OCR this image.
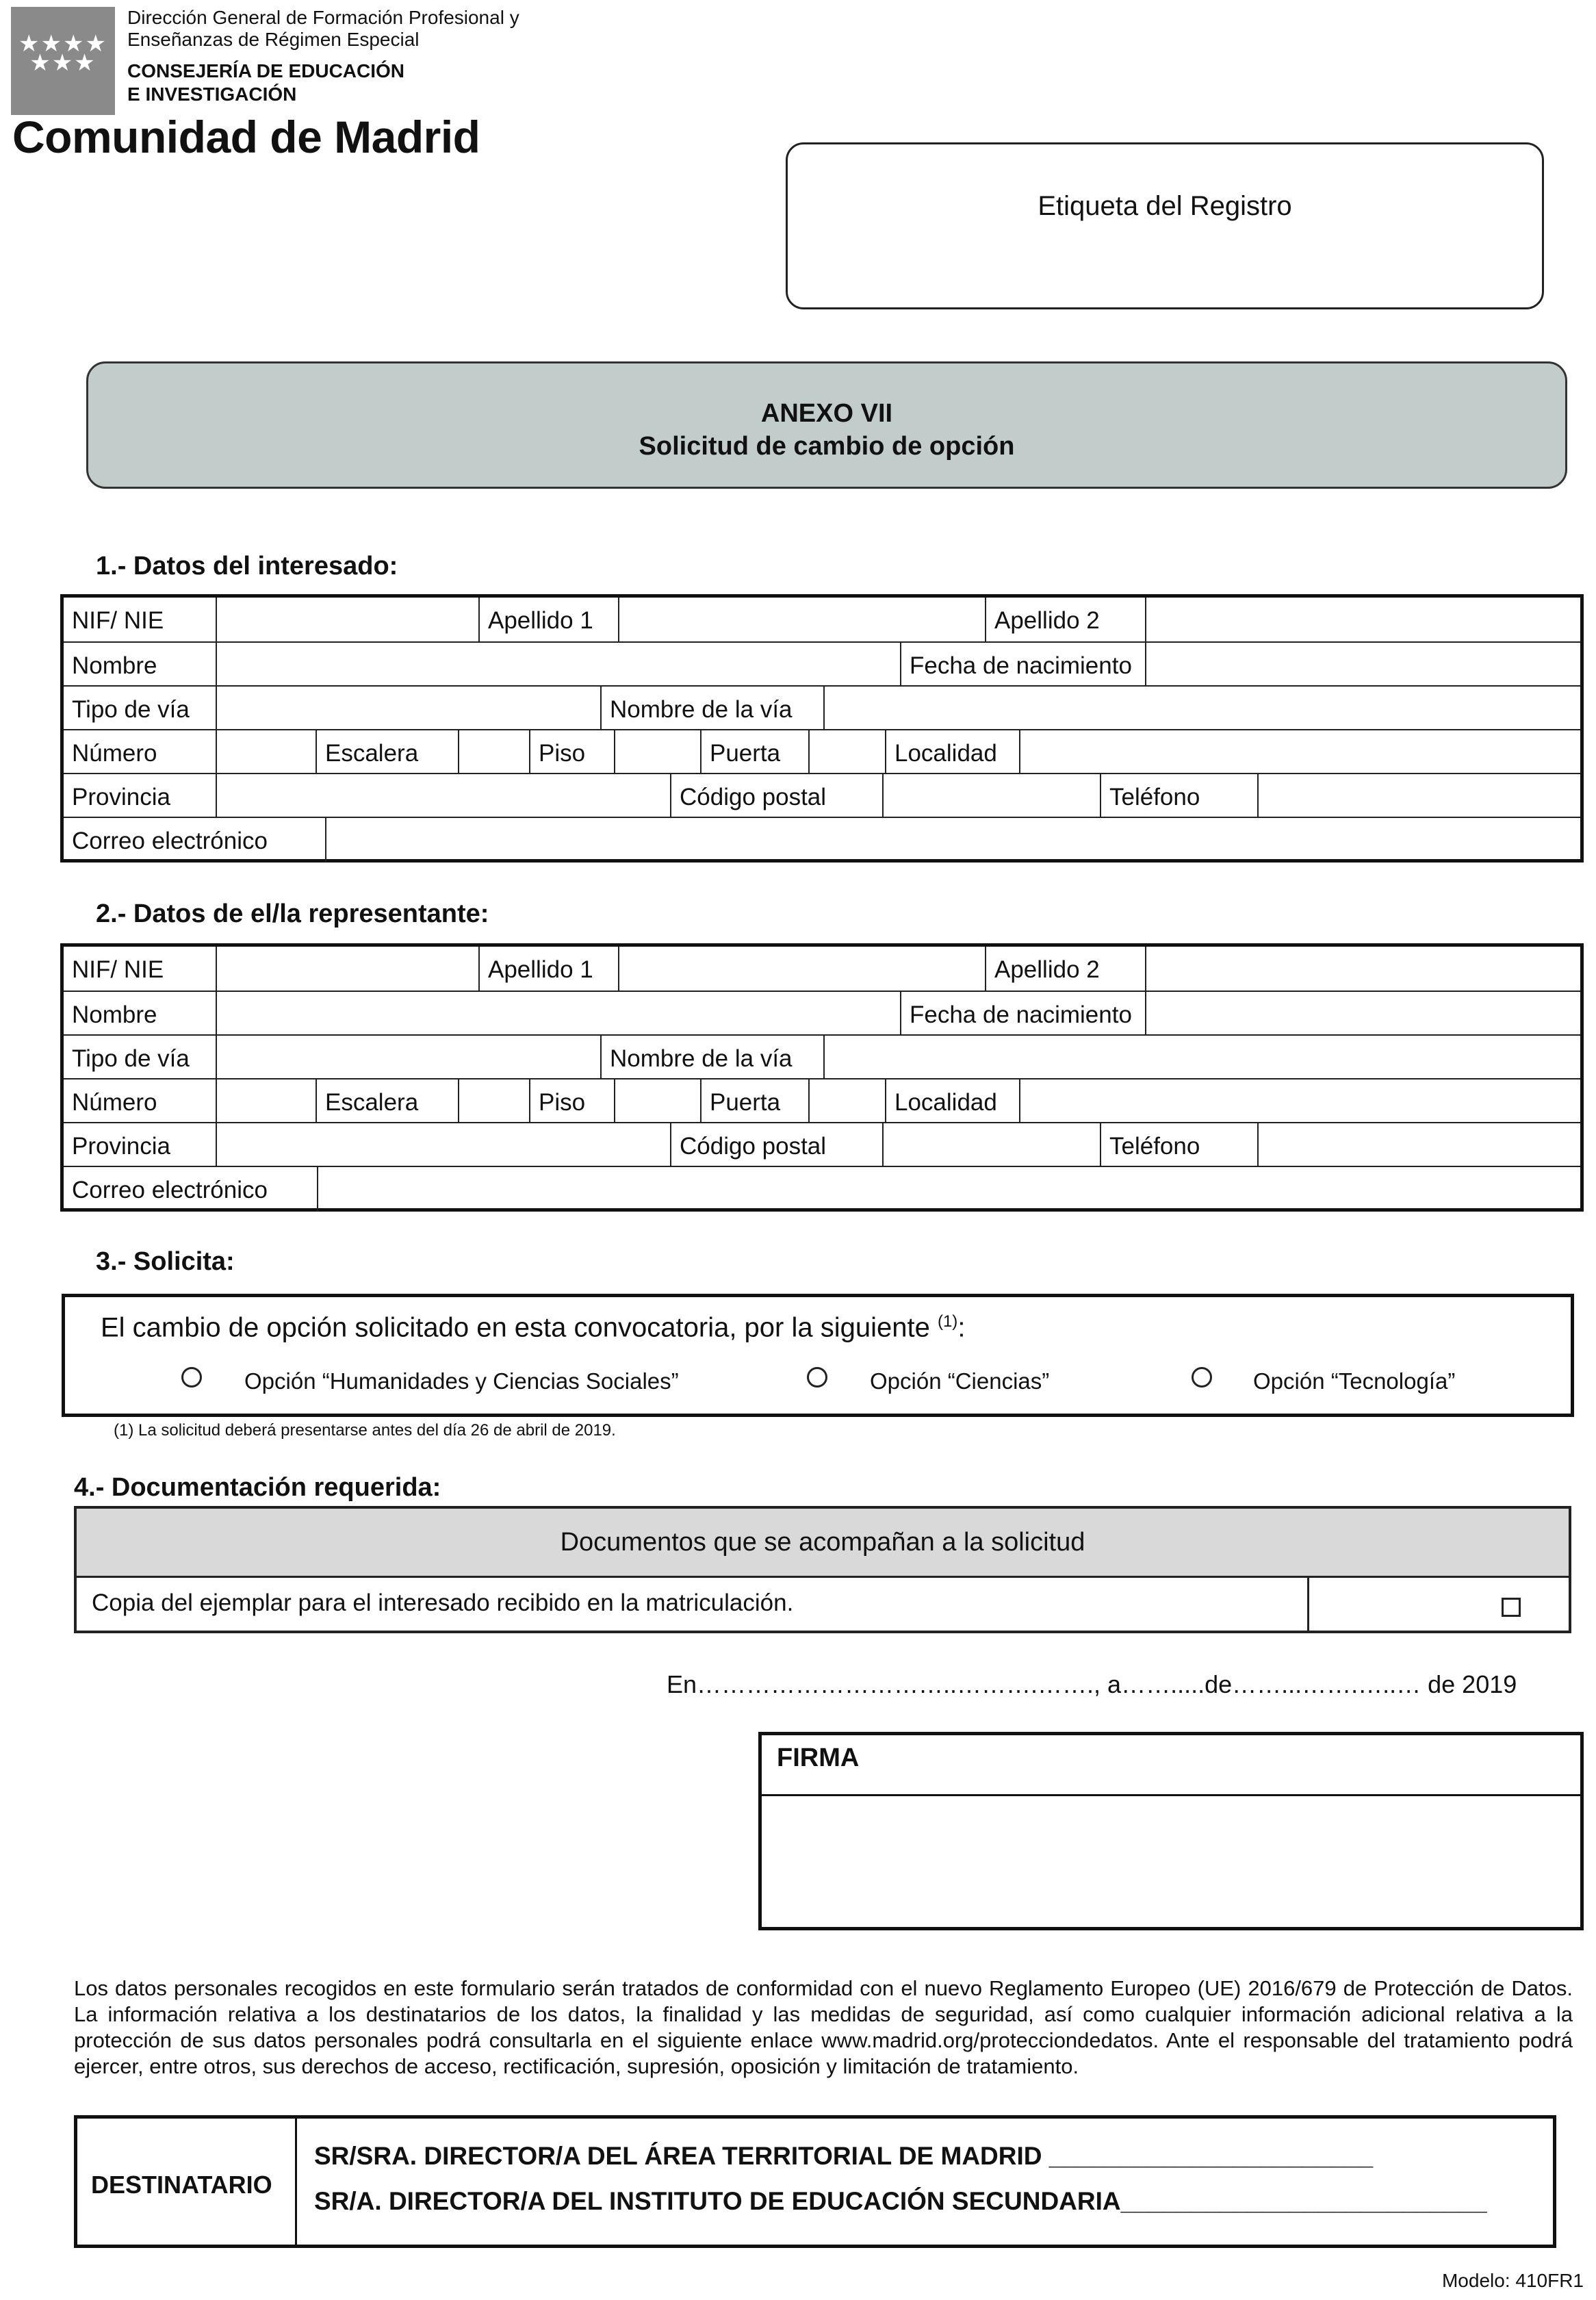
★★★★
★★★
Dirección General de Formación Profesional y
Enseñanzas de Régimen Especial
CONSEJERÍA DE EDUCACIÓN
E INVESTIGACIÓN
Comunidad de Madrid
Etiqueta del Registro
ANEXO VII
Solicitud de cambio de opción
1.- Datos del interesado:
NIF/ NIE	Apellido 1	Apellido 2
Nombre	Fecha de nacimiento
Tipo de vía	Nombre de la vía
Número	Escalera	Piso	Puerta	Localidad
Provincia	Código postal	Teléfono
Correo electrónico
2.- Datos de el/la representante:
NIF/ NIE	Apellido 1	Apellido 2
Nombre	Fecha de nacimiento
Tipo de vía	Nombre de la vía
Número	Escalera	Piso	Puerta	Localidad
Provincia	Código postal	Teléfono
Correo electrónico
3.- Solicita:
El cambio de opción solicitado en esta convocatoria, por la siguiente $^{(1)}$:
Opción “Humanidades y Ciencias Sociales”	Opción “Ciencias”	Opción “Tecnología”
(1) La solicitud deberá presentarse antes del día 26 de abril de 2019.
4.- Documentación requerida:
Documentos que se acompañan a la solicitud
Copia del ejemplar para el interesado recibido en la matriculación.
En…………………………..……….……., a…….....de……...…….…..… de 2019
FIRMA
Los datos personales recogidos en este formulario serán tratados de conformidad con el nuevo Reglamento Europeo (UE) 2016/679 de Protección de Datos. La información relativa a los destinatarios de los datos, la finalidad y las medidas de seguridad, así como cualquier información adicional relativa a la protección de sus datos personales podrá consultarla en el siguiente enlace www.madrid.org/protecciondedatos. Ante el responsable del tratamiento podrá ejercer, entre otros, sus derechos de acceso, rectificación, supresión, oposición y limitación de tratamiento.
DESTINATARIO
SR/SRA. DIRECTOR/A DEL ÁREA TERRITORIAL DE MADRID _______________________
SR/A. DIRECTOR/A DEL INSTITUTO DE EDUCACIÓN SECUNDARIA__________________________
Modelo: 410FR1
